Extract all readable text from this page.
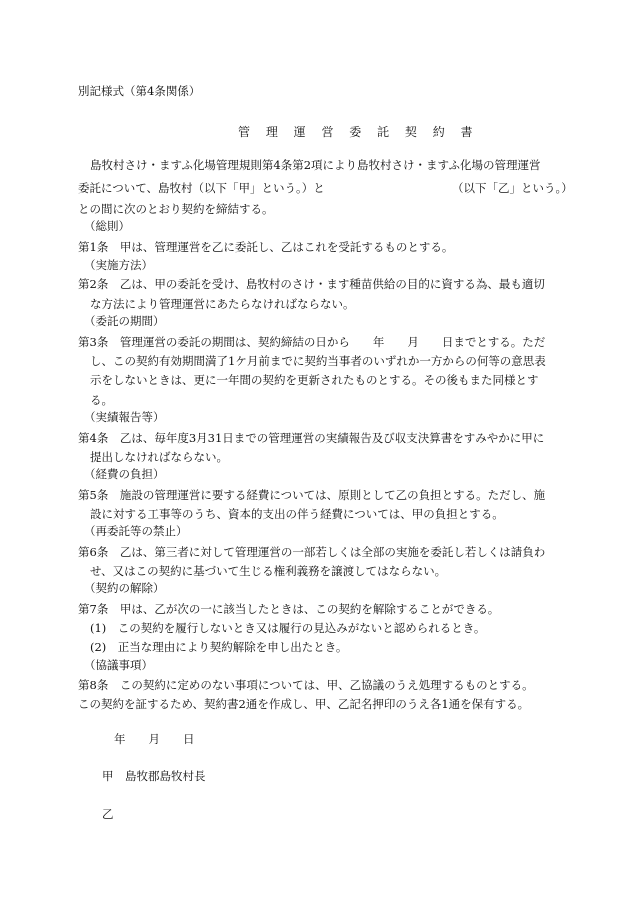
別記様式（第4条関係）
管 理 運 営 委 託 契 約 書
島牧村さけ・ますふ化場管理規則第4条第2項により島牧村さけ・ますふ化場の管理運営
委託について、島牧村（以下「甲」という。）と	（以下「乙」という。）
との間に次のとおり契約を締結する。
（総則）
第1条　甲は、管理運営を乙に委託し、乙はこれを受託するものとする。
（実施方法）
第2条　乙は、甲の委託を受け、島牧村のさけ・ます種苗供給の目的に資する為、最も適切
な方法により管理運営にあたらなければならない。
（委託の期間）
第3条　管理運営の委託の期間は、契約締結の日から　　年　　月　　日までとする。ただ
し、この契約有効期間満了1ケ月前までに契約当事者のいずれか一方からの何等の意思表
示をしないときは、更に一年間の契約を更新されたものとする。その後もまた同様とす
る。
（実績報告等）
第4条　乙は、毎年度3月31日までの管理運営の実績報告及び収支決算書をすみやかに甲に
提出しなければならない。
（経費の負担）
第5条　施設の管理運営に要する経費については、原則として乙の負担とする。ただし、施
設に対する工事等のうち、資本的支出の伴う経費については、甲の負担とする。
（再委託等の禁止）
第6条　乙は、第三者に対して管理運営の一部若しくは全部の実施を委託し若しくは請負わ
せ、又はこの契約に基づいて生じる権利義務を譲渡してはならない。
（契約の解除）
第7条　甲は、乙が次の一に該当したときは、この契約を解除することができる。
(1)　この契約を履行しないとき又は履行の見込みがないと認められるとき。
(2)　正当な理由により契約解除を申し出たとき。
（協議事項）
第8条　この契約に定めのない事項については、甲、乙協議のうえ処理するものとする。
この契約を証するため、契約書2通を作成し、甲、乙記名押印のうえ各1通を保有する。
年　　月　　日
甲　島牧郡島牧村長
乙
